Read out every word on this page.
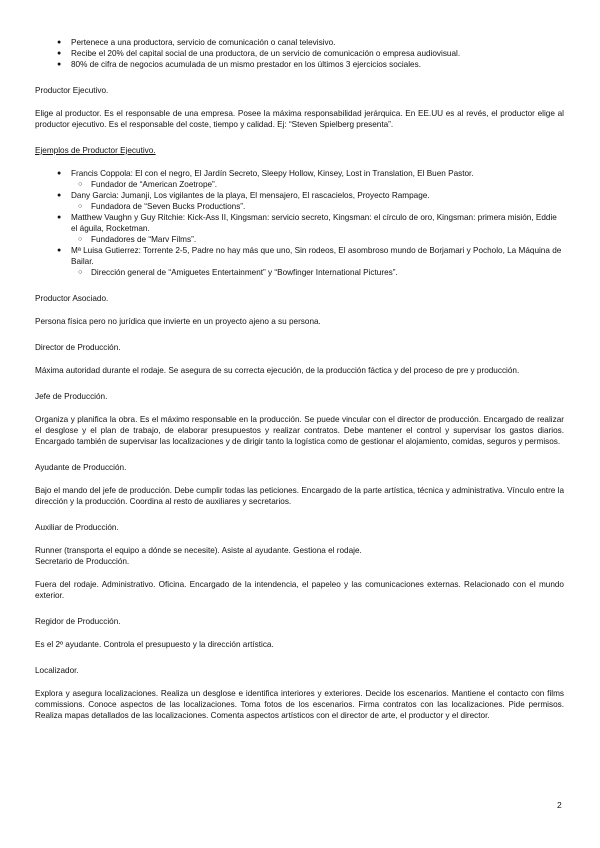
● Pertenece a una productora, servicio de comunicación o canal televisivo.
● Recibe el 20% del capital social de una productora, de un servicio de comunicación o empresa audiovisual.
● 80% de cifra de negocios acumulada de un mismo prestador en los últimos 3 ejercicios sociales.

Productor Ejecutivo.

Elige al productor. Es el responsable de una empresa. Posee la máxima responsabilidad jerárquica. En EE.UU es al revés, el productor elige al productor ejecutivo. Es el responsable del coste, tiempo y calidad. Ej: “Steven Spielberg presenta”.

Ejemplos de Productor Ejecutivo.

● Francis Coppola: El con el negro, El Jardín Secreto, Sleepy Hollow, Kinsey, Lost in Translation, El Buen Pastor.
○ Fundador de “American Zoetrope”.
● Dany Garcia: Jumanji, Los vigilantes de la playa, El mensajero, El rascacielos, Proyecto Rampage.
○ Fundadora de “Seven Bucks Productions”.
● Matthew Vaughn y Guy Ritchie: Kick-Ass II, Kingsman: servicio secreto, Kingsman: el círculo de oro, Kingsman: primera misión, Eddie el águila, Rocketman.
○ Fundadores de “Marv Films”.
● Mª Luisa Gutierrez: Torrente 2-5, Padre no hay más que uno, Sin rodeos, El asombroso mundo de Borjamari y Pocholo, La Máquina de Bailar.
○ Dirección general de “Amiguetes Entertainment” y “Bowfinger International Pictures”.

Productor Asociado.

Persona física pero no jurídica que invierte en un proyecto ajeno a su persona.

Director de Producción.

Máxima autoridad durante el rodaje. Se asegura de su correcta ejecución, de la producción fáctica y del proceso de pre y producción.

Jefe de Producción.

Organiza y planifica la obra. Es el máximo responsable en la producción. Se puede vincular con el director de producción. Encargado de realizar el desglose y el plan de trabajo, de elaborar presupuestos y realizar contratos. Debe mantener el control y supervisar los gastos diarios. Encargado también de supervisar las localizaciones y de dirigir tanto la logística como de gestionar el alojamiento, comidas, seguros y permisos.

Ayudante de Producción.

Bajo el mando del jefe de producción. Debe cumplir todas las peticiones. Encargado de la parte artística, técnica y administrativa. Vínculo entre la dirección y la producción. Coordina al resto de auxiliares y secretarios.

Auxiliar de Producción.

Runner (transporta el equipo a dónde se necesite). Asiste al ayudante. Gestiona el rodaje.

Secretario de Producción.

Fuera del rodaje. Administrativo. Oficina. Encargado de la intendencia, el papeleo y las comunicaciones externas. Relacionado con el mundo exterior.

Regidor de Producción.

Es el 2º ayudante. Controla el presupuesto y la dirección artística.

Localizador.

Explora y asegura localizaciones. Realiza un desglose e identifica interiores y exteriores. Decide los escenarios. Mantiene el contacto con films commissions. Conoce aspectos de las localizaciones. Toma fotos de los escenarios. Firma contratos con las localizaciones. Pide permisos. Realiza mapas detallados de las localizaciones. Comenta aspectos artísticos con el director de arte, el productor y el director.

2
